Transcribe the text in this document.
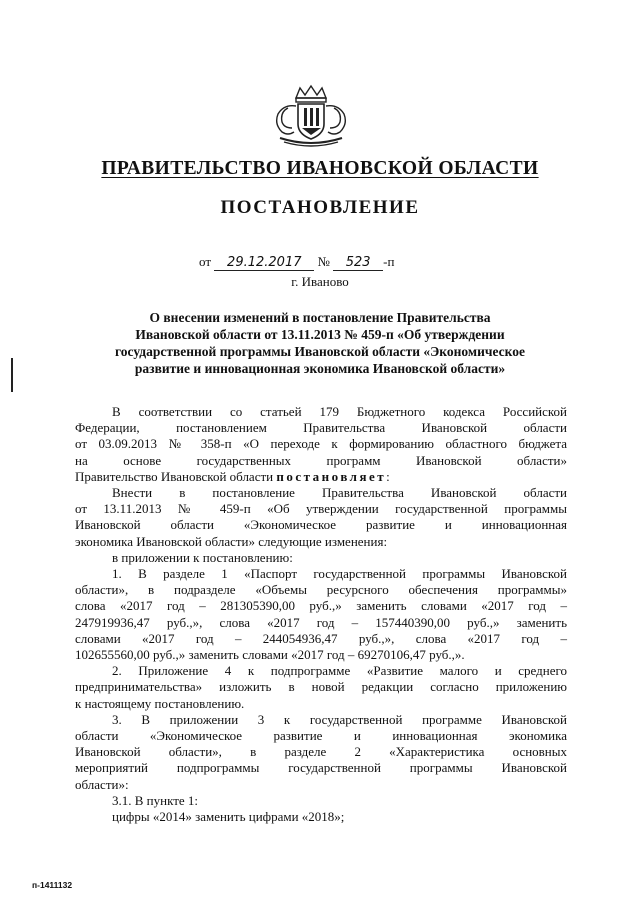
ПРАВИТЕЛЬСТВО ИВАНОВСКОЙ ОБЛАСТИ
ПОСТАНОВЛЕНИЕ
от 29.12.2017 № 523 -п
г. Иваново
О внесении изменений в постановление Правительства
Ивановской области от 13.11.2013 № 459-п «Об утверждении
государственной программы Ивановской области «Экономическое
развитие и инновационная экономика Ивановской области»

В соответствии со статьей 179 Бюджетного кодекса Российской

Федерации, постановлением Правительства Ивановской области

от 03.09.2013 № 358-п «О переходе к формированию областного бюджета

на основе государственных программ Ивановской области»

Правительство Ивановской области постановляет:

Внести в постановление Правительства Ивановской области

от 13.11.2013 № 459-п «Об утверждении государственной программы

Ивановской области «Экономическое развитие и инновационная

экономика Ивановской области» следующие изменения:

в приложении к постановлению:

1. В разделе 1 «Паспорт государственной программы Ивановской

области», в подразделе «Объемы ресурсного обеспечения программы»

слова «2017 год – 281305390,00 руб.,» заменить словами «2017 год –

247919936,47 руб.,», слова «2017 год – 157440390,00 руб.,» заменить

словами «2017 год – 244054936,47 руб.,», слова «2017 год –

102655560,00 руб.,» заменить словами «2017 год – 69270106,47 руб.,».

2. Приложение 4 к подпрограмме «Развитие малого и среднего

предпринимательства» изложить в новой редакции согласно приложению

к настоящему постановлению.

3. В приложении 3 к государственной программе Ивановской

области «Экономическое развитие и инновационная экономика

Ивановской области», в разделе 2 «Характеристика основных

мероприятий подпрограммы государственной программы Ивановской

области»:

3.1. В пункте 1:

цифры «2014» заменить цифрами «2018»;

п-1411132
